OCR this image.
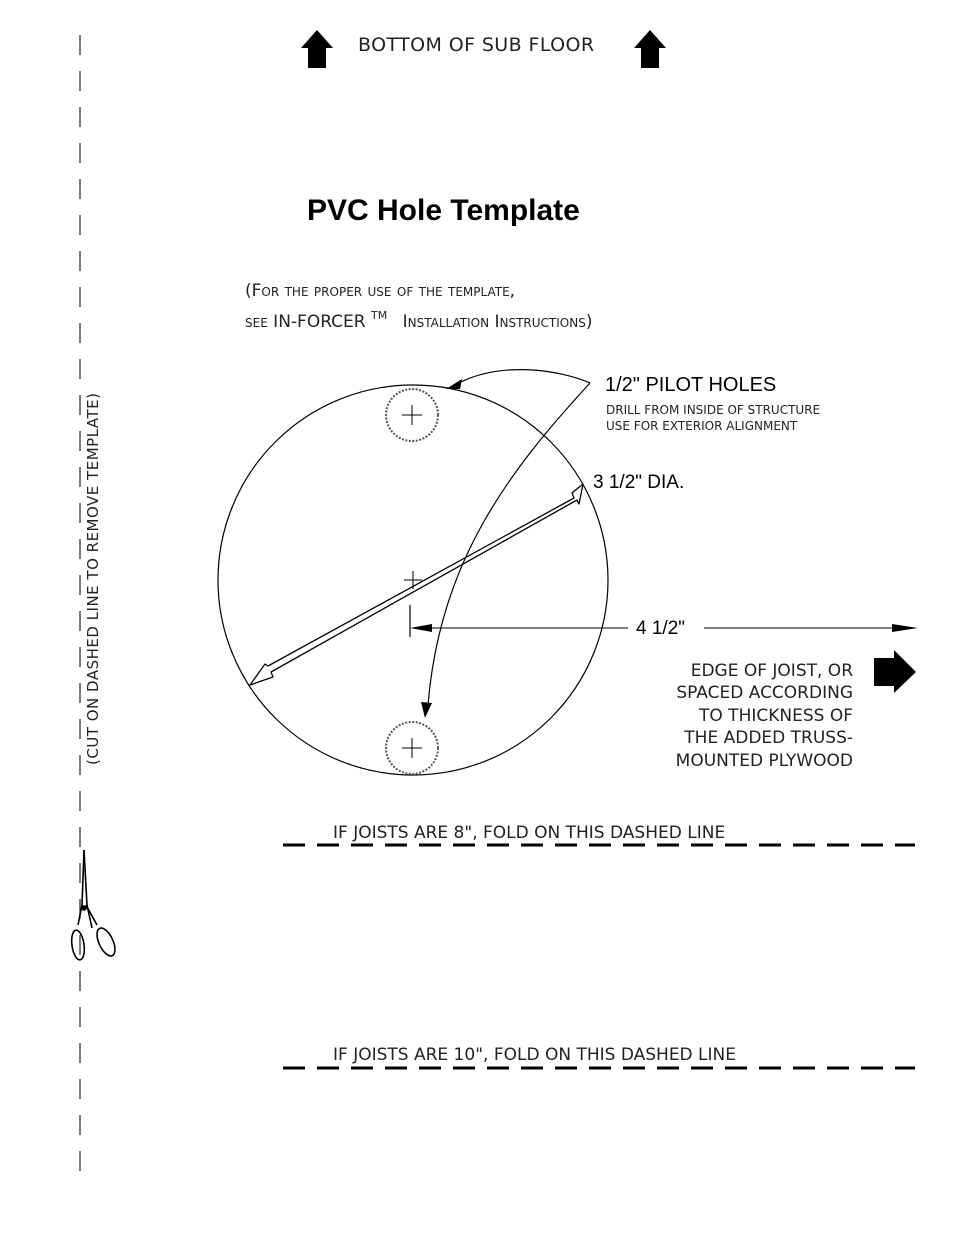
(CUT ON DASHED LINE TO REMOVE TEMPLATE)
BOTTOM OF SUB FLOOR
PVC Hole Template
(For the proper use of the template,
see IN-FORCER ™ Installation Instructions)
1/2" PILOT HOLES
DRILL FROM INSIDE OF STRUCTURE
USE FOR EXTERIOR ALIGNMENT
3 1/2" DIA.
4 1/2"
EDGE OF JOIST, OR
SPACED ACCORDING
TO THICKNESS OF
THE ADDED TRUSS-
MOUNTED PLYWOOD
IF JOISTS ARE 8", FOLD ON THIS DASHED LINE
IF JOISTS ARE 10", FOLD ON THIS DASHED LINE
